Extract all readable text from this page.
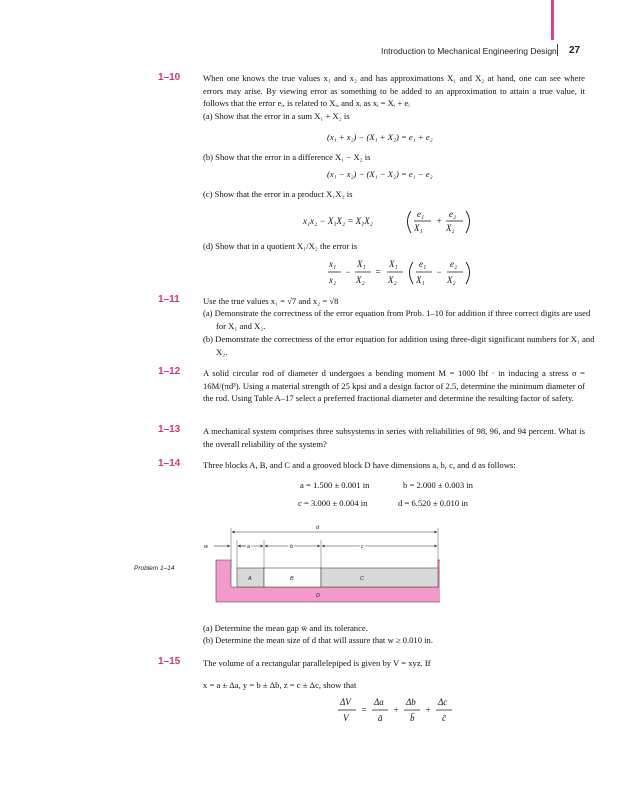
Introduction to Mechanical Engineering Design 27
1–10	When one knows the true values x₁ and x₂ and has approximations X₁ and X₂ at hand, one can see where errors may arise. By viewing error as something to be added to an approximation to attain a true value, it follows that the error eᵢ, is related to Xᵢ, and xᵢ as xᵢ = Xᵢ + eᵢ
(a) Show that the error in a sum X₁ + X₂ is
(x₁ + x₂) − (X₁ + X₂) = e₁ + e₂
(b) Show that the error in a difference X₁ − X₂ is
(x₁ − x₂) − (X₁ − X₂) = e₁ − e₂
(c) Show that the error in a product X₁X₂ is
x₁x₂ − X₁X₂ = X₁X₂
e₁
X₁
+
e₂
X₂
(d) Show that in a quotient X₁/X₂ the error is
x₁
x₂
−
X₁
X₂
=
X₁
X₂
e₁
X₁
−
e₂
X₂
1–11	Use the true values x₁ = √7 and x₂ = √8
(a) Demonstrate the correctness of the error equation from Prob. 1–10 for addition if three correct digits are used for X₁ and X₂.
(b) Demonstrate the correctness of the error equation for addition using three-digit significant numbers for X₁ and X₂.
1–12	A solid circular rod of diameter d undergoes a bending moment M = 1000 lbf · in inducing a stress σ = 16M/(πd³). Using a material strength of 25 kpsi and a design factor of 2.5, determine the minimum diameter of the rod. Using Table A–17 select a preferred fractional diameter and determine the resulting factor of safety.
1–13	A mechanical system comprises three subsystems in series with reliabilities of 98, 96, and 94 percent. What is the overall reliability of the system?
1–14	Three blocks A, B, and C and a grooved block D have dimensions a, b, c, and d as follows:
a = 1.500 ± 0.001 in	b = 2.000 ± 0.003 in
c = 3.000 ± 0.004 in	d = 6.520 ± 0.010 in
d
w	a	b	c
D
A	B	C
Problem 1–14
(a) Determine the mean gap w̄ and its tolerance.
(b) Determine the mean size of d that will assure that w ≥ 0.010 in.
1–15	The volume of a rectangular parallelepiped is given by V = xyz. If
x = a ± Δa, y = b ± Δb, z = c ± Δc, show that
ΔV
V
=
Δa
ā
+
Δb
b̄
+
Δc
c̄
